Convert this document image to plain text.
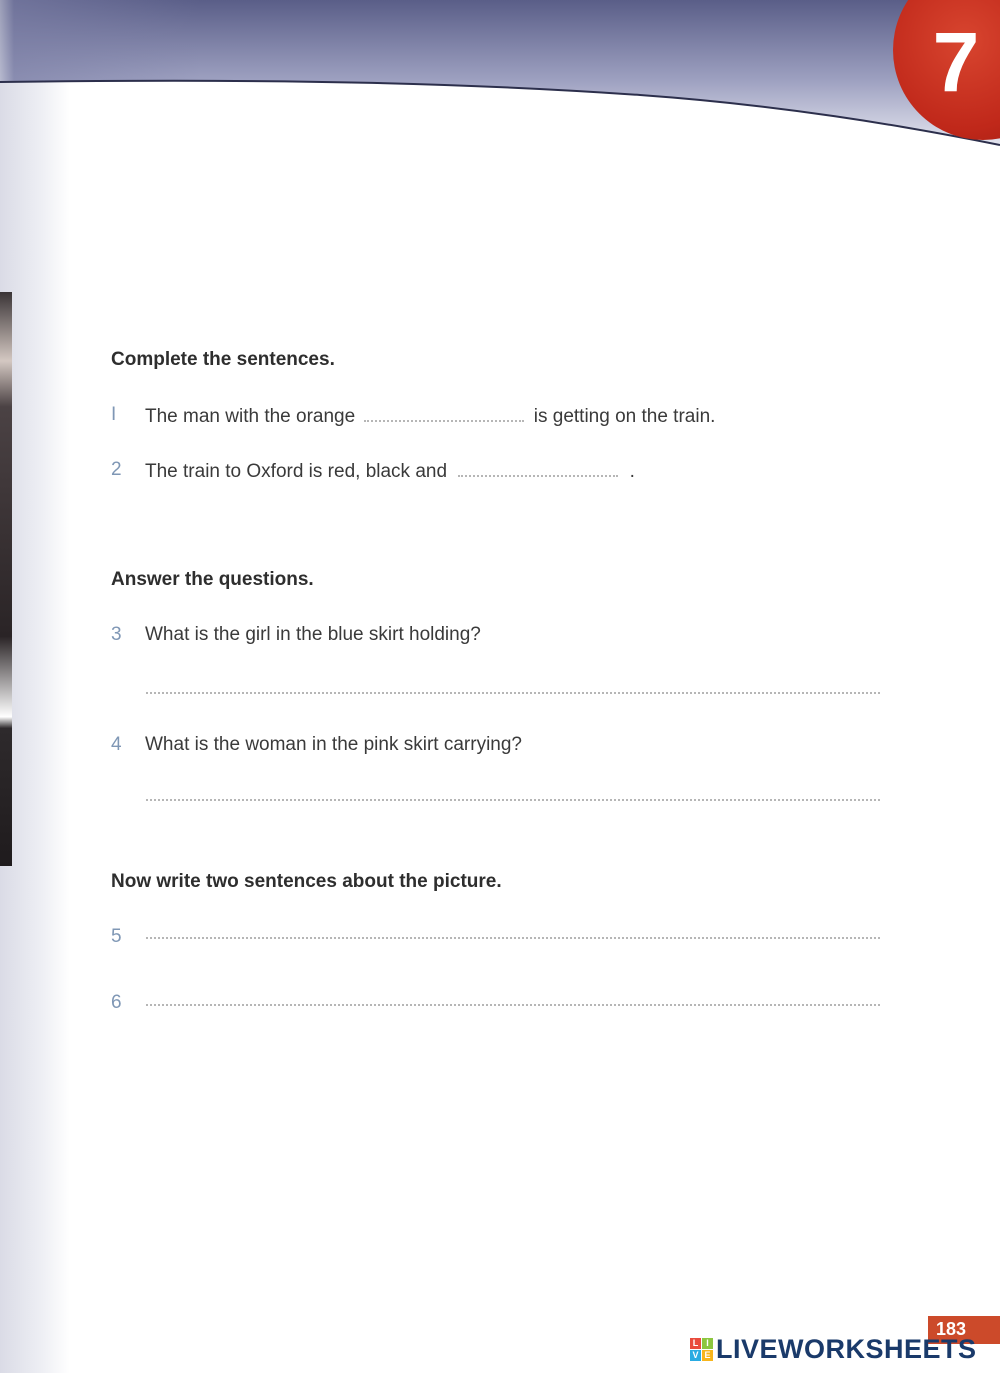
7
Complete the sentences.
I The man with the orange	is getting on the train.
2 The train to Oxford is red, black and	.
Answer the questions.
3 What is the girl in the blue skirt holding?
4 What is the woman in the pink skirt carrying?
Now write two sentences about the picture.
5
6
183
L I
V E LIVEWORKSHEETS
